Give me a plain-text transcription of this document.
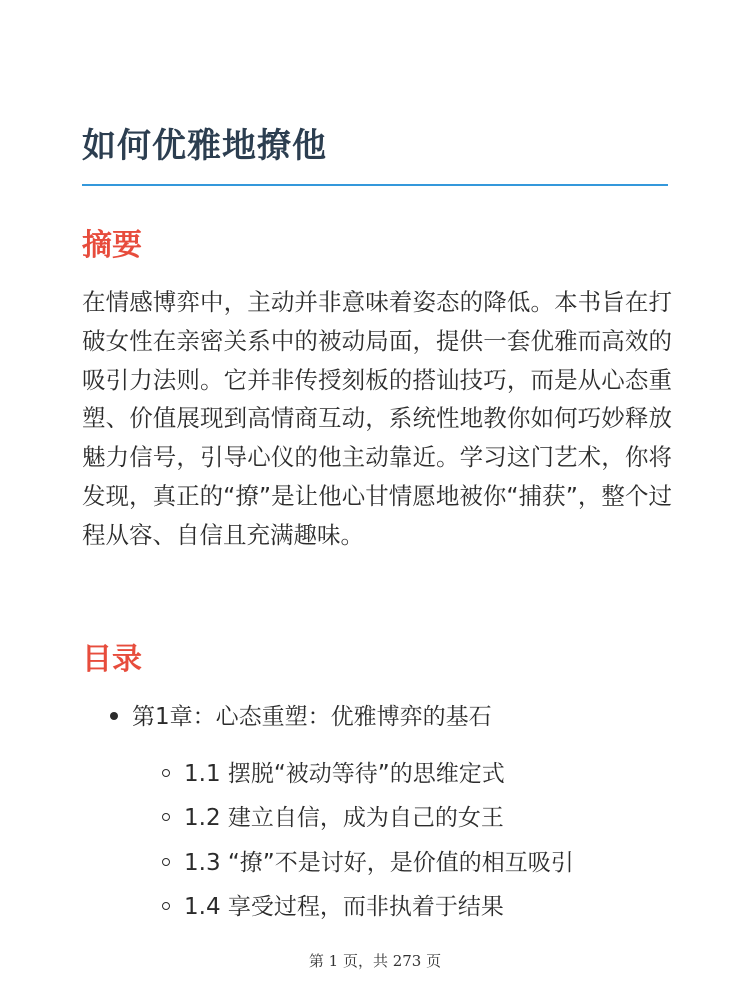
如何优雅地撩他
摘要

在情感博弈中，主动并非意味着姿态的降低。本书旨在打破女性在亲密关系中的被动局面，提供一套优雅而高效的吸引力法则。它并非传授刻板的搭讪技巧，而是从心态重塑、价值展现到高情商互动，系统性地教你如何巧妙释放魅力信号，引导心仪的他主动靠近。学习这门艺术，你将发现，真正的“撩”是让他心甘情愿地被你“捕获”，整个过程从容、自信且充满趣味。

目录
第1章：心态重塑：优雅博弈的基石
1.1 摆脱“被动等待”的思维定式
1.2 建立自信，成为自己的女王
1.3 “撩”不是讨好，是价值的相互吸引
1.4 享受过程，而非执着于结果
第 1 页，共 273 页
